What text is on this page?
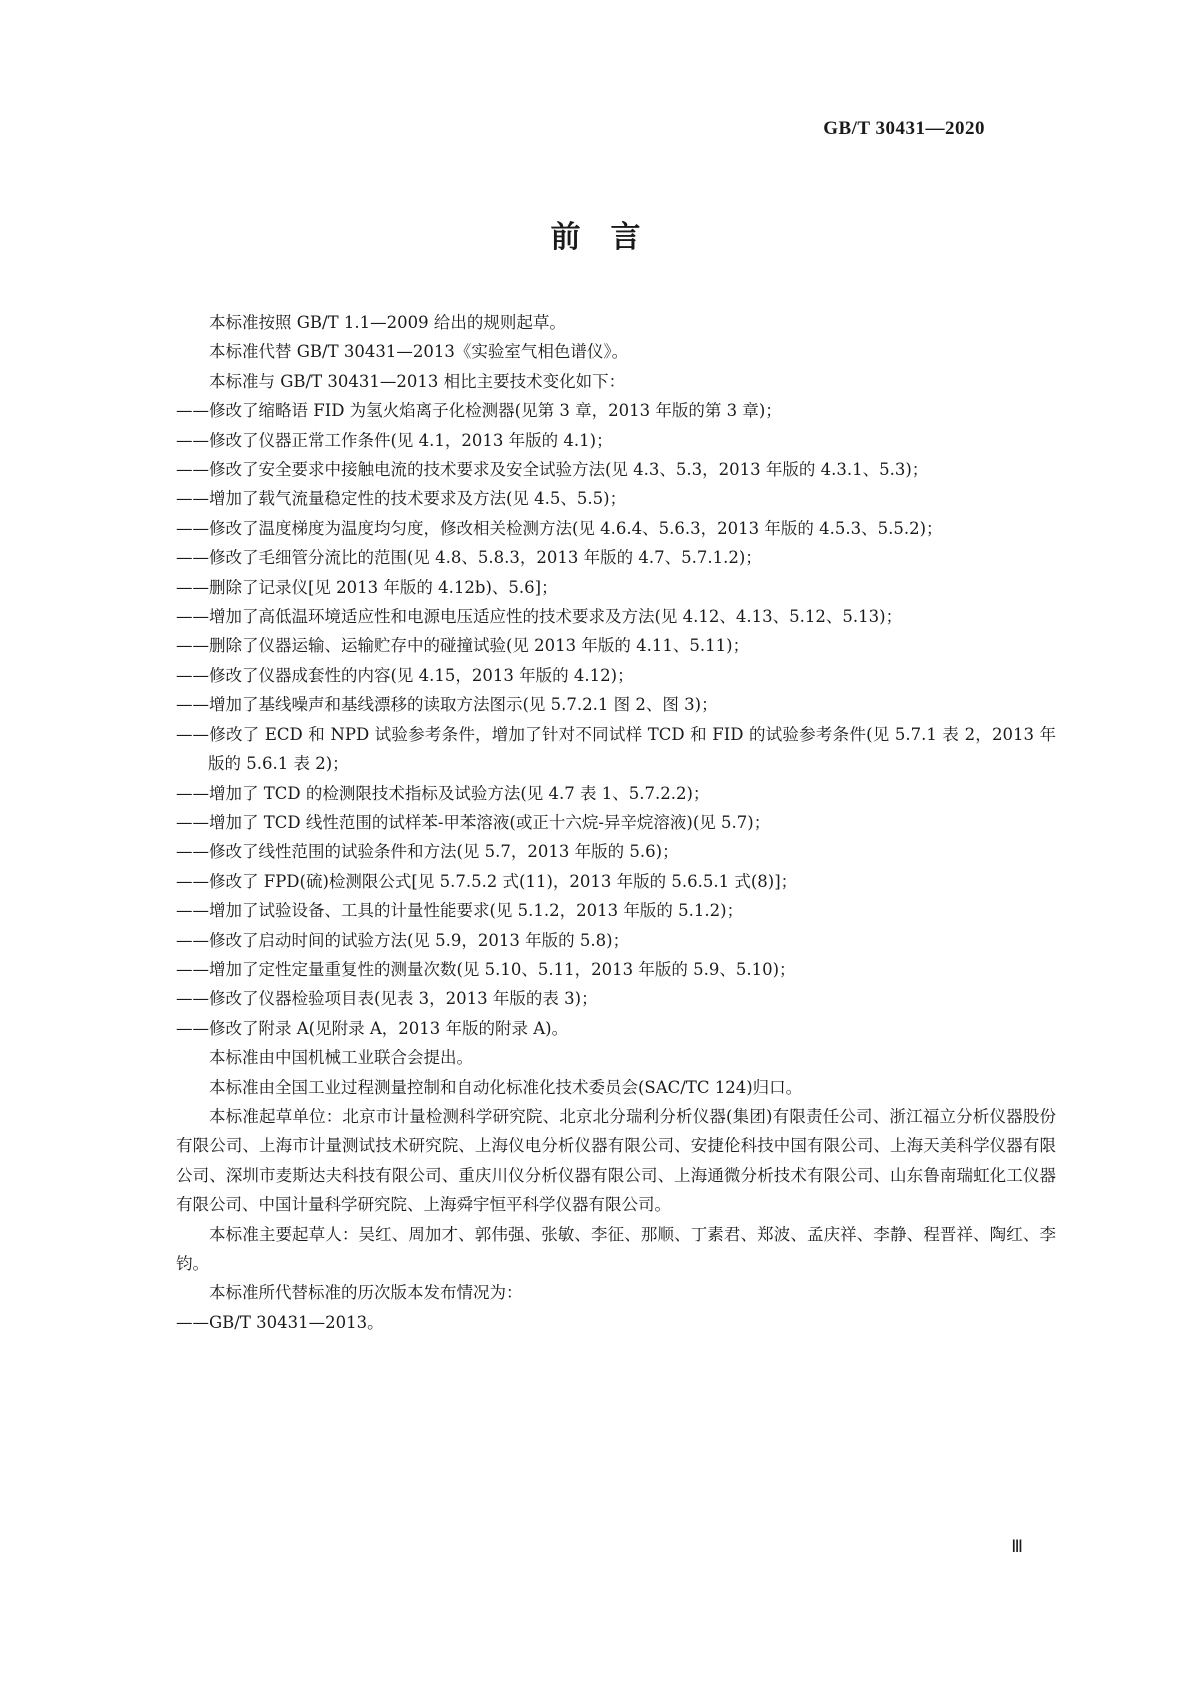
GB/T 30431—2020
前　言

本标准按照 GB/T 1.1—2009 给出的规则起草。

本标准代替 GB/T 30431—2013《实验室气相色谱仪》。

本标准与 GB/T 30431—2013 相比主要技术变化如下：

——修改了缩略语 FID 为氢火焰离子化检测器(见第 3 章，2013 年版的第 3 章)；

——修改了仪器正常工作条件(见 4.1，2013 年版的 4.1)；

——修改了安全要求中接触电流的技术要求及安全试验方法(见 4.3、5.3，2013 年版的 4.3.1、5.3)；

——增加了载气流量稳定性的技术要求及方法(见 4.5、5.5)；

——修改了温度梯度为温度均匀度，修改相关检测方法(见 4.6.4、5.6.3，2013 年版的 4.5.3、5.5.2)；

——修改了毛细管分流比的范围(见 4.8、5.8.3，2013 年版的 4.7、5.7.1.2)；

——删除了记录仪[见 2013 年版的 4.12b)、5.6]；

——增加了高低温环境适应性和电源电压适应性的技术要求及方法(见 4.12、4.13、5.12、5.13)；

——删除了仪器运输、运输贮存中的碰撞试验(见 2013 年版的 4.11、5.11)；

——修改了仪器成套性的内容(见 4.15，2013 年版的 4.12)；

——增加了基线噪声和基线漂移的读取方法图示(见 5.7.2.1 图 2、图 3)；

——修改了 ECD 和 NPD 试验参考条件，增加了针对不同试样 TCD 和 FID 的试验参考条件(见 5.7.1 表 2，2013 年版的 5.6.1 表 2)；

——增加了 TCD 的检测限技术指标及试验方法(见 4.7 表 1、5.7.2.2)；

——增加了 TCD 线性范围的试样苯-甲苯溶液(或正十六烷-异辛烷溶液)(见 5.7)；

——修改了线性范围的试验条件和方法(见 5.7，2013 年版的 5.6)；

——修改了 FPD(硫)检测限公式[见 5.7.5.2 式(11)，2013 年版的 5.6.5.1 式(8)]；

——增加了试验设备、工具的计量性能要求(见 5.1.2，2013 年版的 5.1.2)；

——修改了启动时间的试验方法(见 5.9，2013 年版的 5.8)；

——增加了定性定量重复性的测量次数(见 5.10、5.11，2013 年版的 5.9、5.10)；

——修改了仪器检验项目表(见表 3，2013 年版的表 3)；

——修改了附录 A(见附录 A，2013 年版的附录 A)。

本标准由中国机械工业联合会提出。

本标准由全国工业过程测量控制和自动化标准化技术委员会(SAC/TC 124)归口。

本标准起草单位：北京市计量检测科学研究院、北京北分瑞利分析仪器(集团)有限责任公司、浙江福立分析仪器股份有限公司、上海市计量测试技术研究院、上海仪电分析仪器有限公司、安捷伦科技中国有限公司、上海天美科学仪器有限公司、深圳市麦斯达夫科技有限公司、重庆川仪分析仪器有限公司、上海通微分析技术有限公司、山东鲁南瑞虹化工仪器有限公司、中国计量科学研究院、上海舜宇恒平科学仪器有限公司。

本标准主要起草人：吴红、周加才、郭伟强、张敏、李征、那顺、丁素君、郑波、孟庆祥、李静、程晋祥、陶红、李钧。

本标准所代替标准的历次版本发布情况为：

——GB/T 30431—2013。

Ⅲ
